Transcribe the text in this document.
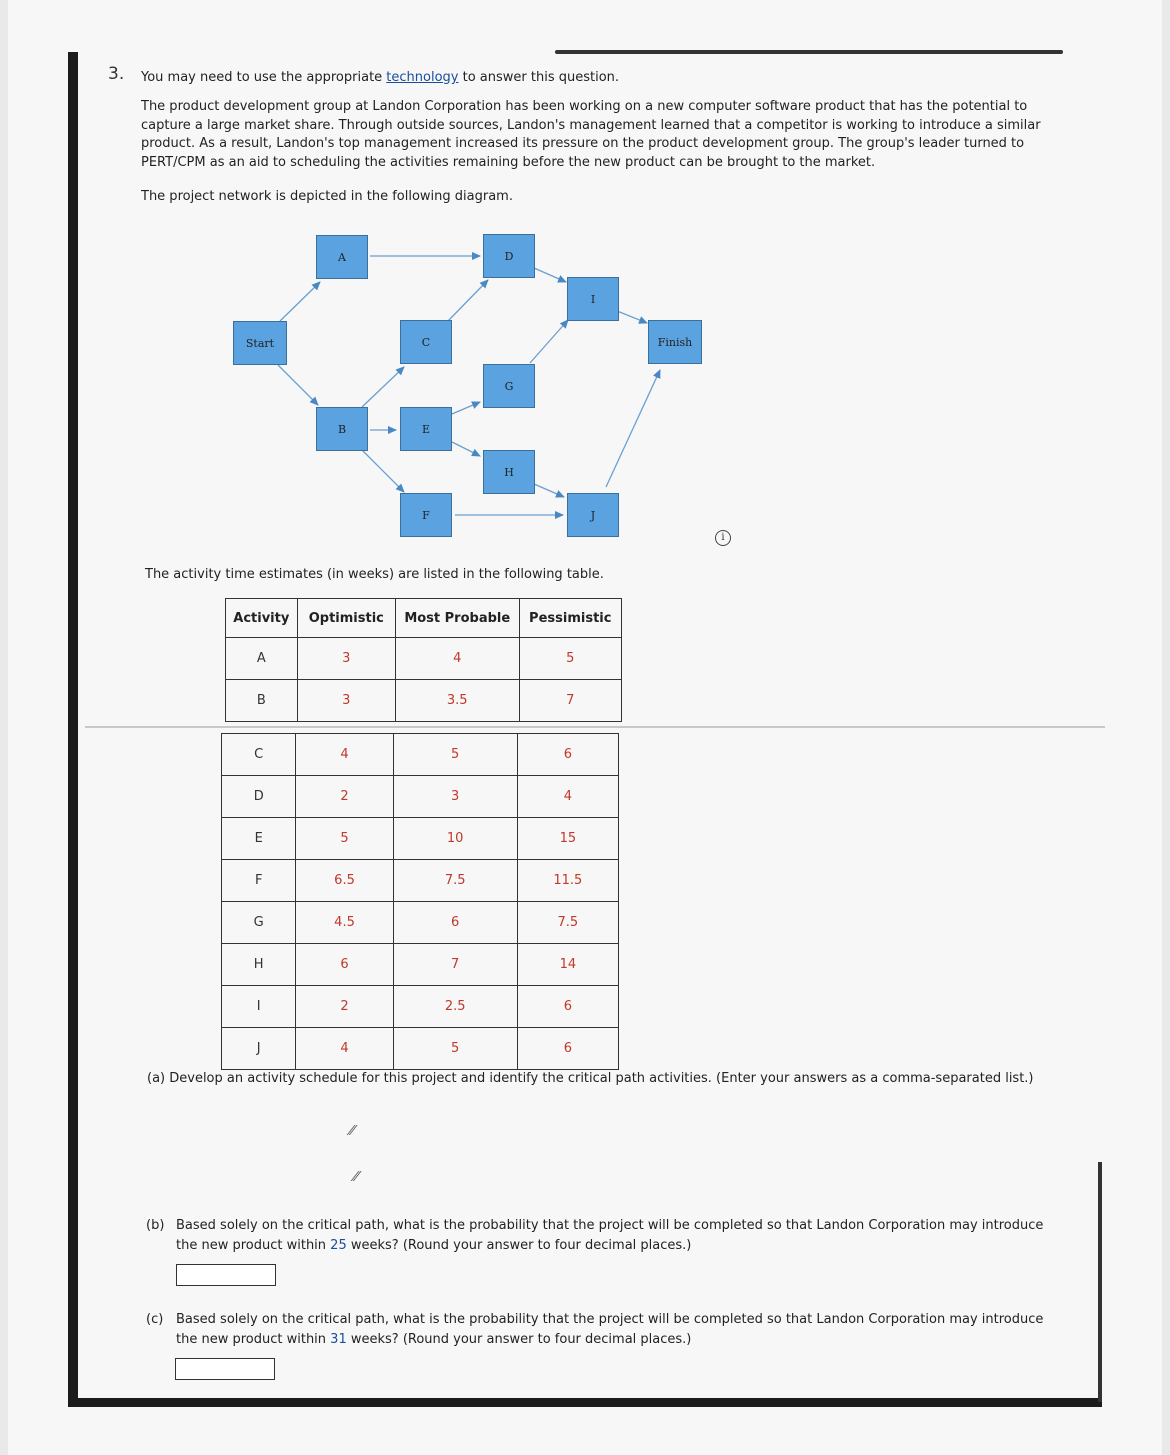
3. You may need to use the appropriate technology to answer this question.
The product development group at Landon Corporation has been working on a new computer software product that has the potential to capture a large market share. Through outside sources, Landon's management learned that a competitor is working to introduce a similar product. As a result, Landon's top management increased its pressure on the product development group. The group's leader turned to PERT/CPM as an aid to scheduling the activities remaining before the new product can be brought to the market.
The project network is depicted in the following diagram.
Start
A
B
C
D
E
F
G
H
I
J
Finish
i
The activity time estimates (in weeks) are listed in the following table.
Activity	Optimistic	Most Probable	Pessimistic
A	3	4	5
B	3	3.5	7
C	4	5	6
D	2	3	4
E	5	10	15
F	6.5	7.5	11.5
G	4.5	6	7.5
H	6	7	14
I	2	2.5	6
J	4	5	6
(a) Develop an activity schedule for this project and identify the critical path activities. (Enter your answers as a comma-separated list.)
⁄⁄
⁄⁄
(b) Based solely on the critical path, what is the probability that the project will be completed so that Landon Corporation may introduce the new product within 25 weeks? (Round your answer to four decimal places.)
(c) Based solely on the critical path, what is the probability that the project will be completed so that Landon Corporation may introduce the new product within 31 weeks? (Round your answer to four decimal places.)
